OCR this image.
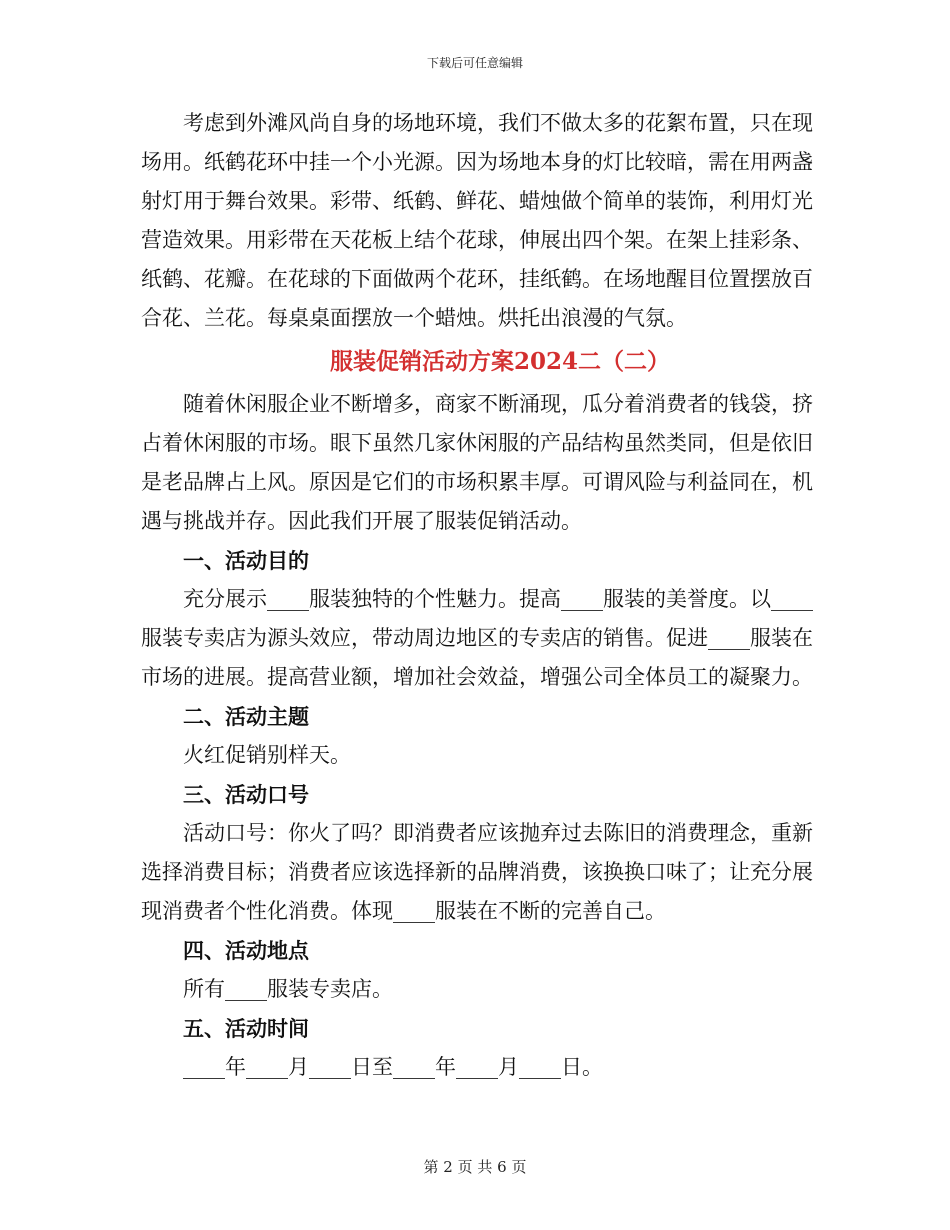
下载后可任意编辑

考虑到外滩风尚自身的场地环境，我们不做太多的花絮布置，只在现场用。纸鹤花环中挂一个小光源。因为场地本身的灯比较暗，需在用两盏射灯用于舞台效果。彩带、纸鹤、鲜花、蜡烛做个简单的装饰，利用灯光营造效果。用彩带在天花板上结个花球，伸展出四个架。在架上挂彩条、纸鹤、花瓣。在花球的下面做两个花环，挂纸鹤。在场地醒目位置摆放百合花、兰花。每桌桌面摆放一个蜡烛。烘托出浪漫的气氛。

服装促销活动方案2024二（二）

随着休闲服企业不断增多，商家不断涌现，瓜分着消费者的钱袋，挤占着休闲服的市场。眼下虽然几家休闲服的产品结构虽然类同，但是依旧是老品牌占上风。原因是它们的市场积累丰厚。可谓风险与利益同在，机遇与挑战并存。因此我们开展了服装促销活动。

一、活动目的

充分展示____服装独特的个性魅力。提高____服装的美誉度。以____服装专卖店为源头效应，带动周边地区的专卖店的销售。促进____服装在市场的进展。提高营业额，增加社会效益，增强公司全体员工的凝聚力。

二、活动主题

火红促销别样天。

三、活动口号

活动口号：你火了吗？即消费者应该抛弃过去陈旧的消费理念，重新选择消费目标；消费者应该选择新的品牌消费，该换换口味了；让充分展现消费者个性化消费。体现____服装在不断的完善自己。

四、活动地点

所有____服装专卖店。

五、活动时间

____年____月____日至____年____月____日。

第 2 页 共 6 页
